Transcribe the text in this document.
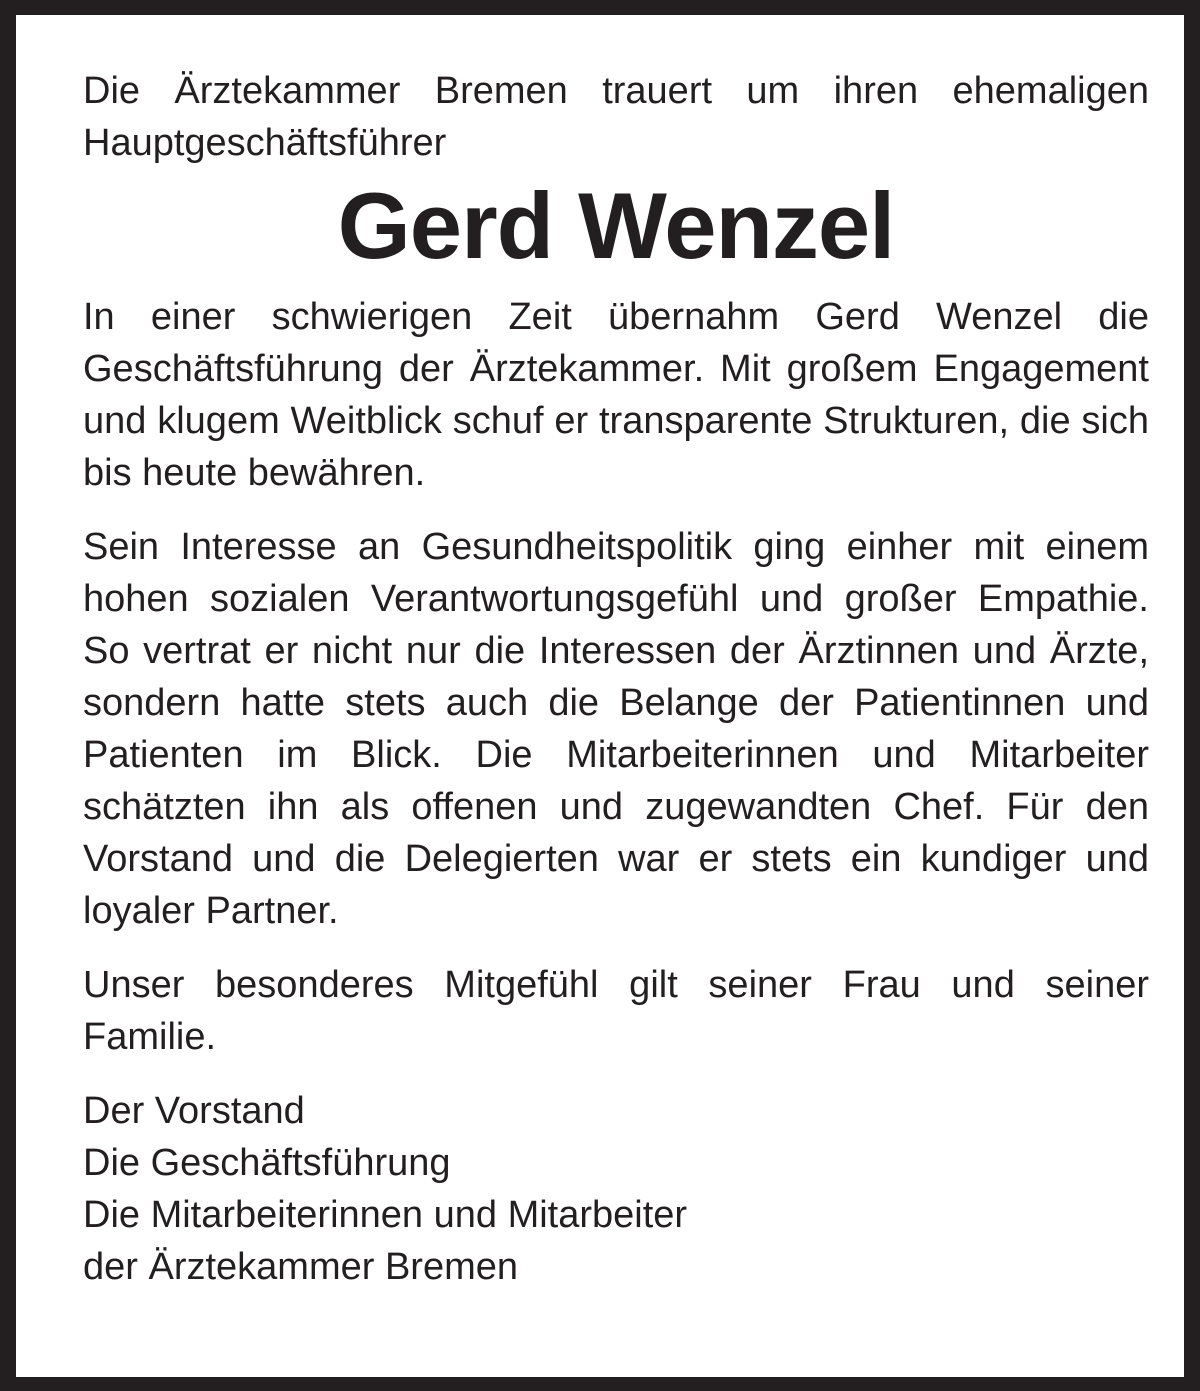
Die Ärztekammer Bremen trauert um ihren ehemaligen Hauptgeschäftsführer

Gerd Wenzel

In einer schwierigen Zeit übernahm Gerd Wenzel die Geschäftsführung der Ärztekammer. Mit großem Engagement und klugem Weitblick schuf er transparente Strukturen, die sich bis heute bewähren.

Sein Interesse an Gesundheitspolitik ging einher mit einem hohen sozialen Verantwortungsgefühl und großer Empathie. So vertrat er nicht nur die Interessen der Ärztinnen und Ärzte, sondern hatte stets auch die Belange der Patientinnen und Patienten im Blick. Die Mitarbeiterinnen und Mitarbeiter schätzten ihn als offenen und zugewandten Chef. Für den Vorstand und die Delegierten war er stets ein kundiger und loyaler Partner.

Unser besonderes Mitgefühl gilt seiner Frau und seiner Familie.

Der Vorstand
Die Geschäftsführung
Die Mitarbeiterinnen und Mitarbeiter
der Ärztekammer Bremen
